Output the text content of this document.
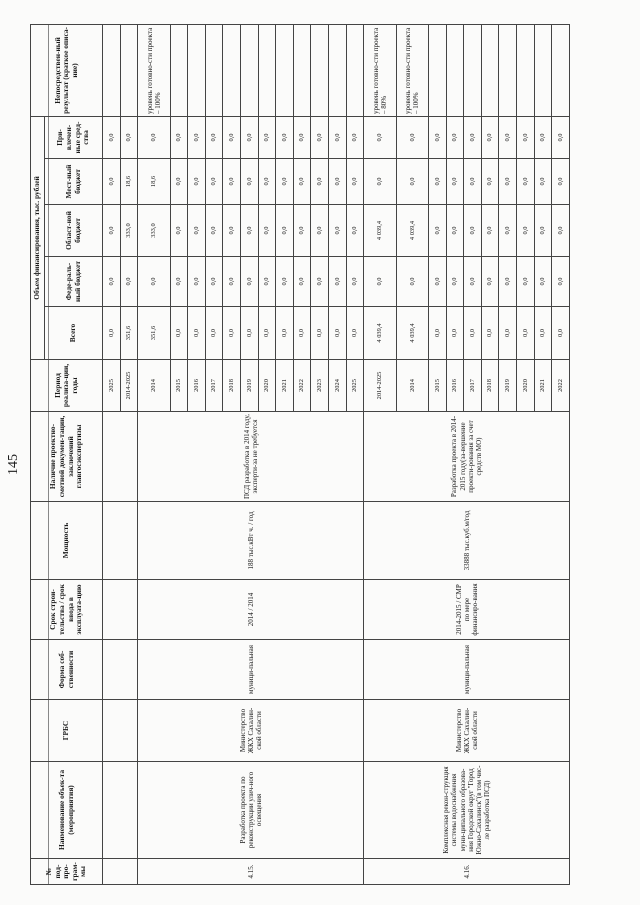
145
№ под-про-грам-мы	Наименование объек-та (мероприятия)	ГРБС	Форма соб-ственности	Срок строи-тельства / срок ввода в эксплуата-цию	Мощность	Наличие проектно-сметной докумен-тации, заключений главгосэкспертизы	Период реализа-ции, годы	Объем финансирования, тыс. рублей					Непосредствен-ный результат (краткое описа-ние)
								Всего	Феде-раль-ный бюджет	Област-ной бюджет	Мест-ный бюджет	При-влечен-ные сред-ства	
							2025	0,0	0,0	0,0	0,0	0,0	
							2014-2025	351,6	0,0	333,0	18,6	0,0	
4.15.	Разработка проекта по реконструкции улич-ного освещения	Министерство ЖКХ Сахалин-ской области	муници-пальная	2014 / 2014	188 тыс.кВт ч. / год	ПСД разработка в 2014 году, эксперти-за не требуется	2014	351,6	0,0	333,0	18,6	0,0	уровень готовно-сти проекта – 100%
							2015	0,0	0,0	0,0	0,0	0,0	
							2016	0,0	0,0	0,0	0,0	0,0	
							2017	0,0	0,0	0,0	0,0	0,0	
							2018	0,0	0,0	0,0	0,0	0,0	
							2019	0,0	0,0	0,0	0,0	0,0	
							2020	0,0	0,0	0,0	0,0	0,0	
							2021	0,0	0,0	0,0	0,0	0,0	
							2022	0,0	0,0	0,0	0,0	0,0	
							2023	0,0	0,0	0,0	0,0	0,0	
							2024	0,0	0,0	0,0	0,0	0,0	
							2025	0,0	0,0	0,0	0,0	0,0	
4.16.	Комплексная рекон-струкция системы водоснабжения муни-ципального образова-ния Городской округ "Город Южно-Сахалинск"(в том чис-ле разработка ПСД)	Министерство ЖКХ Сахалин-ской области	муници-пальная	2014-2015 / СМР по мере финансиро-вания	33888 тыс.куб.м/год	Разработка проекта в 2014-2015 году(за-вершение проекти-рования за счет средств МО)	2014-2025	4 039,4	0,0	4 039,4	0,0	0,0	уровень готовно-сти проекта – 80%
							2014	4 039,4	0,0	4 039,4	0,0	0,0	уровень готовно-сти проекта – 100%
							2015	0,0	0,0	0,0	0,0	0,0	
							2016	0,0	0,0	0,0	0,0	0,0	
							2017	0,0	0,0	0,0	0,0	0,0	
							2018	0,0	0,0	0,0	0,0	0,0	
							2019	0,0	0,0	0,0	0,0	0,0	
							2020	0,0	0,0	0,0	0,0	0,0	
							2021	0,0	0,0	0,0	0,0	0,0	
							2022	0,0	0,0	0,0	0,0	0,0	
